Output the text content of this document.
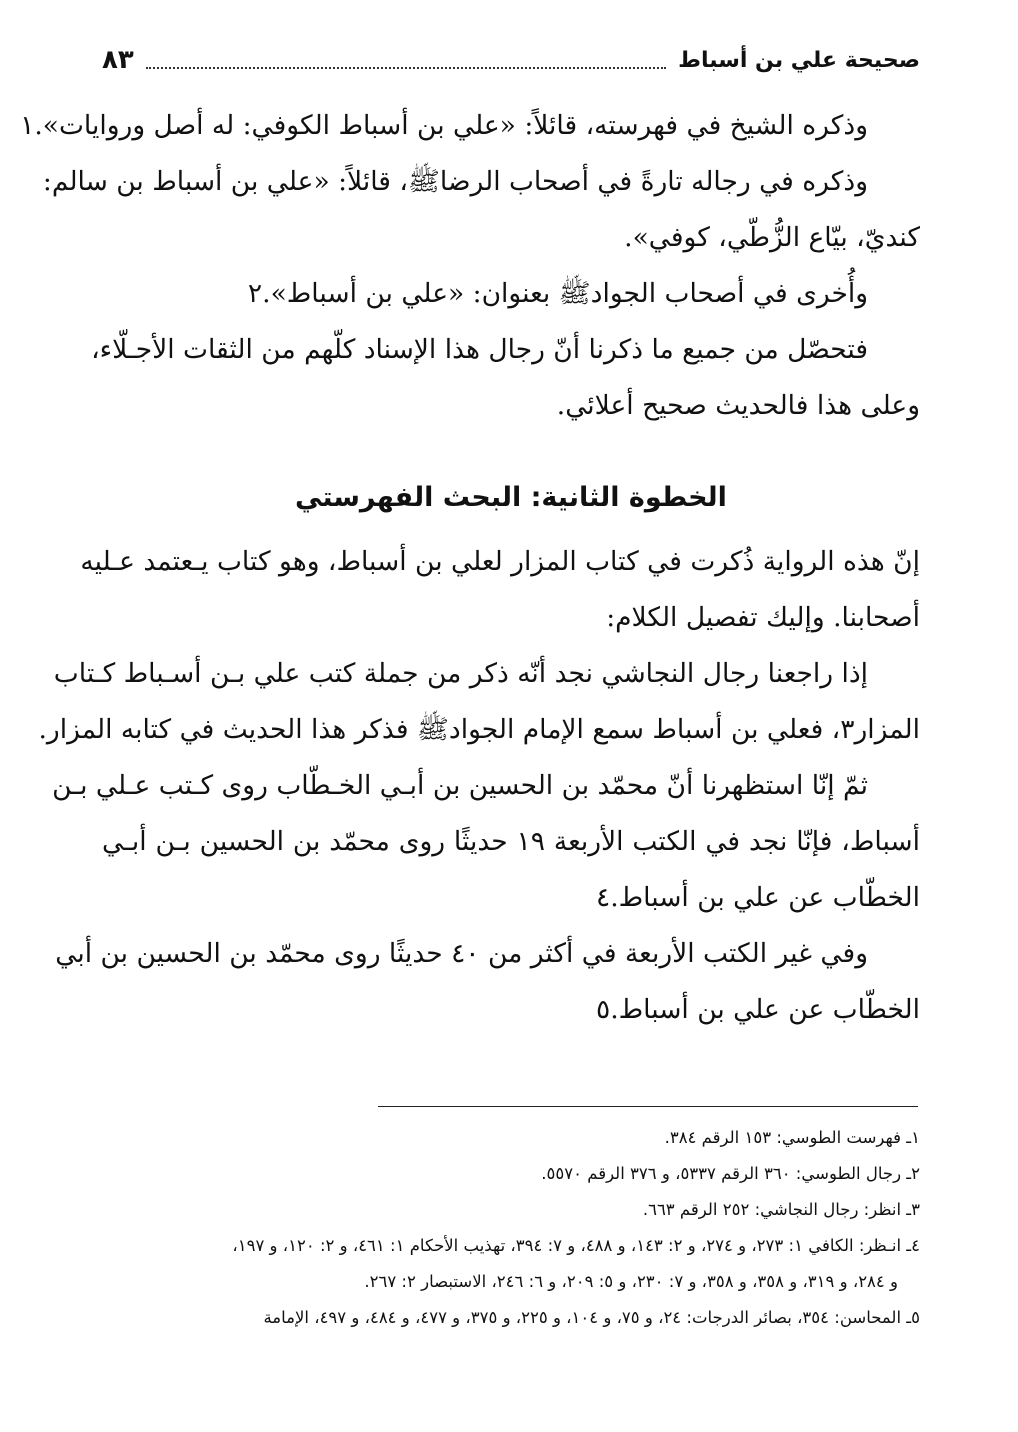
صحيحة علي بن أسباط
٨٣
وذكره الشيخ في فهرسته، قائلاً: «علي بن أسباط الكوفي: له أصل وروايات».١
وذكره في رجاله تارةً في أصحاب الرضاﷺ، قائلاً: «علي بن أسباط بن سالم:
كنديّ، بيّاع الزُّطّي، كوفي».
وأُخرى في أصحاب الجوادﷺ بعنوان: «علي بن أسباط».٢
فتحصّل من جميع ما ذكرنا أنّ رجال هذا الإسناد كلّهم من الثقات الأجـلّاء،
وعلى هذا فالحديث صحيح أعلائي.
الخطوة الثانية: البحث الفهرستي
إنّ هذه الرواية ذُكرت في كتاب المزار لعلي بن أسباط، وهو كتاب يـعتمد عـليه
أصحابنا. وإليك تفصيل الكلام:
إذا راجعنا رجال النجاشي نجد أنّه ذكر من جملة كتب علي بـن أسـباط كـتاب
المزار٣، فعلي بن أسباط سمع الإمام الجوادﷺ فذكر هذا الحديث في كتابه المزار.
ثمّ إنّا استظهرنا أنّ محمّد بن الحسين بن أبـي الخـطّاب روى كـتب عـلي بـن
أسباط، فإنّا نجد في الكتب الأربعة ١٩ حديثًا روى محمّد بن الحسين بـن أبـي
الخطّاب عن علي بن أسباط.٤
وفي غير الكتب الأربعة في أكثر من ٤٠ حديثًا روى محمّد بن الحسين بن أبي
الخطّاب عن علي بن أسباط.٥
١ـ فهرست الطوسي: ١٥٣ الرقم ٣٨٤.
٢ـ رجال الطوسي: ٣٦٠ الرقم ٥٣٣٧، و ٣٧٦ الرقم ٥٥٧٠.
٣ـ انظر: رجال النجاشي: ٢٥٢ الرقم ٦٦٣.
٤ـ انـظر: الكافي ١: ٢٧٣، و ٢٧٤، و ٢: ١٤٣، و ٤٨٨، و ٧: ٣٩٤، تهذيب الأحكام ١: ٤٦١، و ٢: ١٢٠، و ١٩٧،
و ٢٨٤، و ٣١٩، و ٣٥٨، و ٣٥٨، و ٧: ٢٣٠، و ٥: ٢٠٩، و ٦: ٢٤٦، الاستبصار ٢: ٢٦٧.
٥ـ المحاسن: ٣٥٤، بصائر الدرجات: ٢٤، و ٧٥، و ١٠٤، و ٢٢٥، و ٣٧٥، و ٤٧٧، و ٤٨٤، و ٤٩٧، الإمامة
